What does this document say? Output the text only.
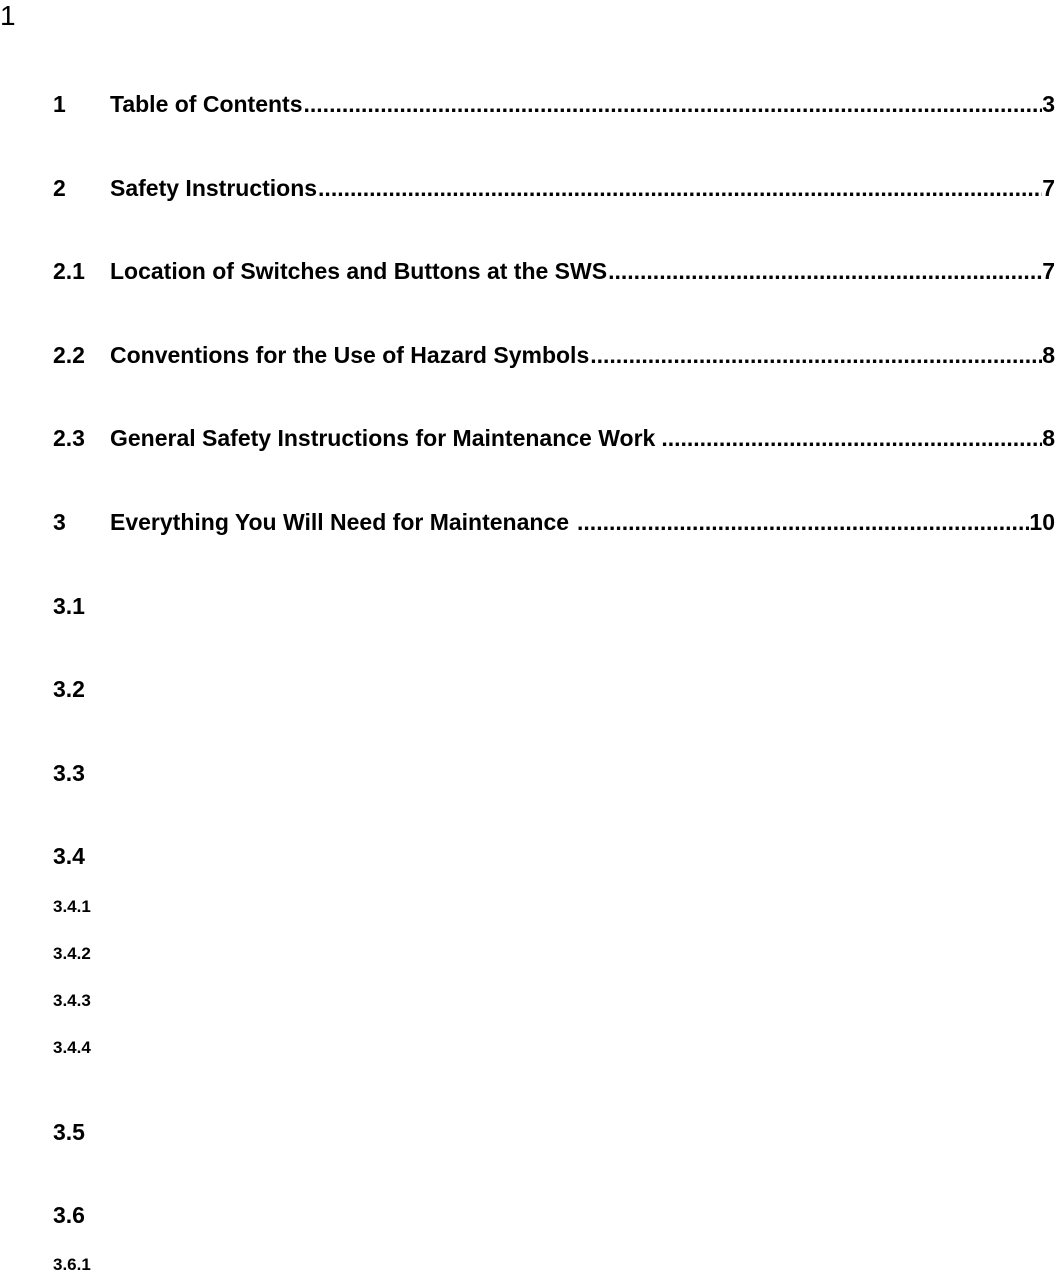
1
1	Table of Contents .....	3
2	Safety Instructions .....	7
2.1	Location of Switches and Buttons at the SWS .....	7
2.2	Conventions for the Use of Hazard Symbols .....	8
2.3	General Safety Instructions for Maintenance Work .....	8
3	Everything You Will Need for Maintenance .....	10
3.1
3.2
3.3
3.4
3.4.1
3.4.2
3.4.3
3.4.4
3.5
3.6
3.6.1
